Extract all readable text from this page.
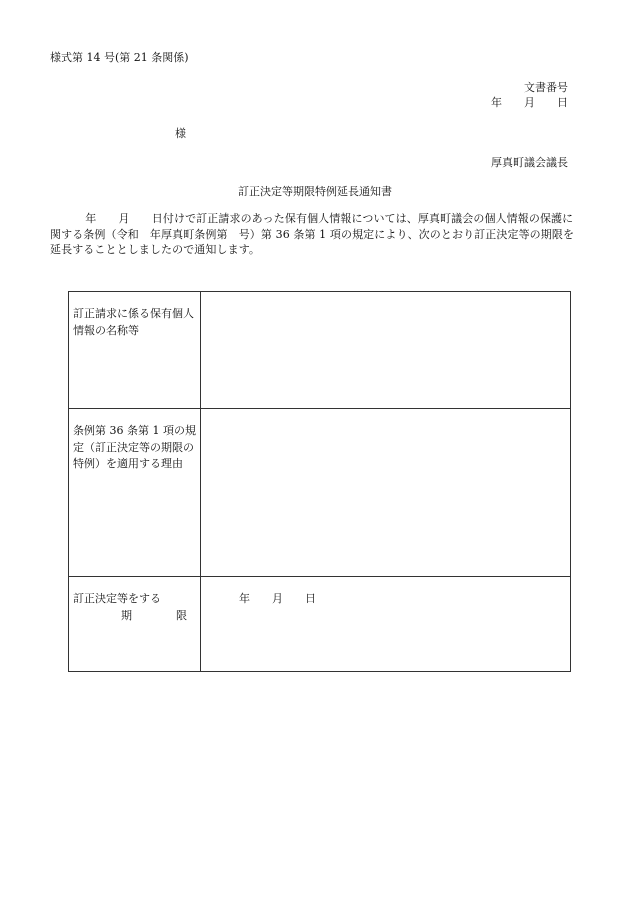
様式第 14 号(第 21 条関係)
文書番号
年　　月　　日
様
厚真町議会議長
訂正決定等期限特例延長通知書
年　　月　　日付けで訂正請求のあった保有個人情報については、厚真町議会の個人情報の保護に関する条例（令和　年厚真町条例第　号）第 36 条第 1 項の規定により、次のとおり訂正決定等の期限を延長することとしましたので通知します。
訂正請求に係る保有個人情報の名称等	
条例第 36 条第 1 項の規定（訂正決定等の期限の特例）を適用する理由	
訂正決定等をする
期 限	年　　月　　日
